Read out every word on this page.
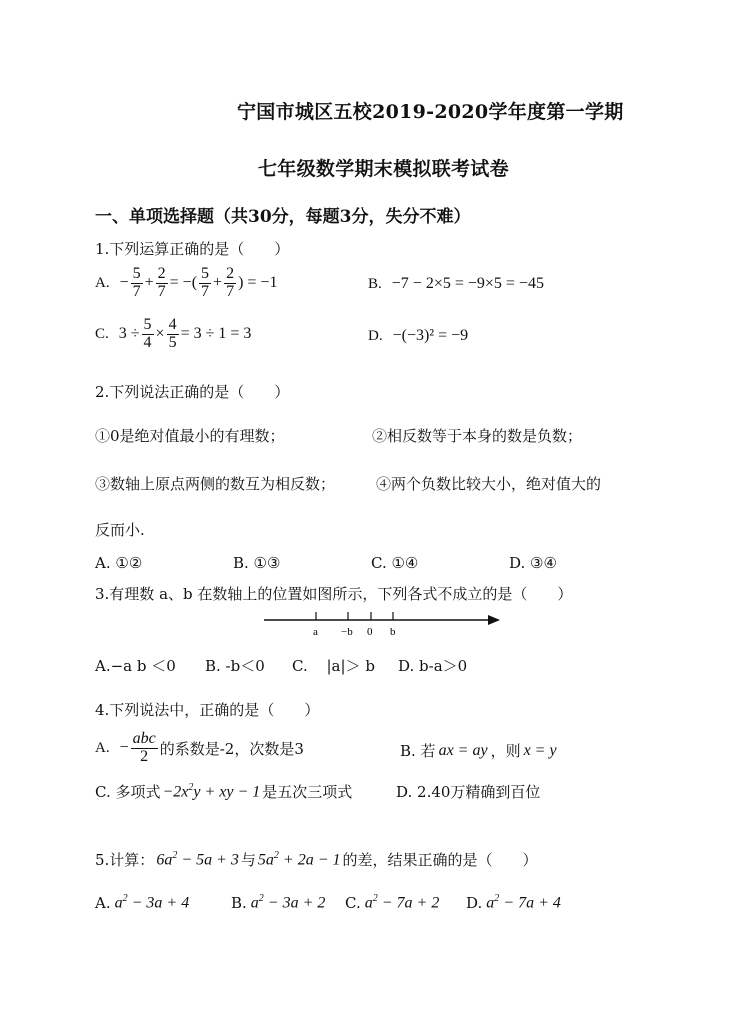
宁国市城区五校2019-2020学年度第一学期
七年级数学期末模拟联考试卷
一、单项选择题（共30分，每题3分，失分不难）
1.下列运算正确的是（　　）
A. − $\frac{5}{7} + \frac{2}{7}$ = −( $\frac{5}{7} + \frac{2}{7}$ ) = −1	B. −7 − 2×5 = −9×5 = −45
C. $3 \div \frac{5}{4} \times \frac{4}{5} = 3 \div 1 = 3$	D. −(−3)² = −9
2.下列说法正确的是（　　）
①0是绝对值最小的有理数；	②相反数等于本身的数是负数；
③数轴上原点两侧的数互为相反数；	④两个负数比较大小，绝对值大的
反而小.
A. ①②	B. ①③	C. ①④	D. ③④
3.有理数 a、b 在数轴上的位置如图所示，下列各式不成立的是（　　）
a −b 0 b
A.−a b ＜0 B. -b＜0 C. |a|＞ b D. b-a＞0
4.下列说法中，正确的是（　　）
A. − $\frac{\text{abc}}{2}$ 的系数是-2，次数是3	B. 若 ax = ay ，则 x = y
C. 多项式 $-2x^2y$ + xy − 1 是五次三项式	D. 2.40万精确到百位
5.计算： $6a^2 - 5a + 3$ 与 $5a^2 + 2a - 1$ 的差，结果正确的是（　　）
A. $a^2 - 3a + 4$	B. $a^2 - 3a + 2$ C. $a^2 - 7a + 2$ D. $a^2 - 7a + 4$
